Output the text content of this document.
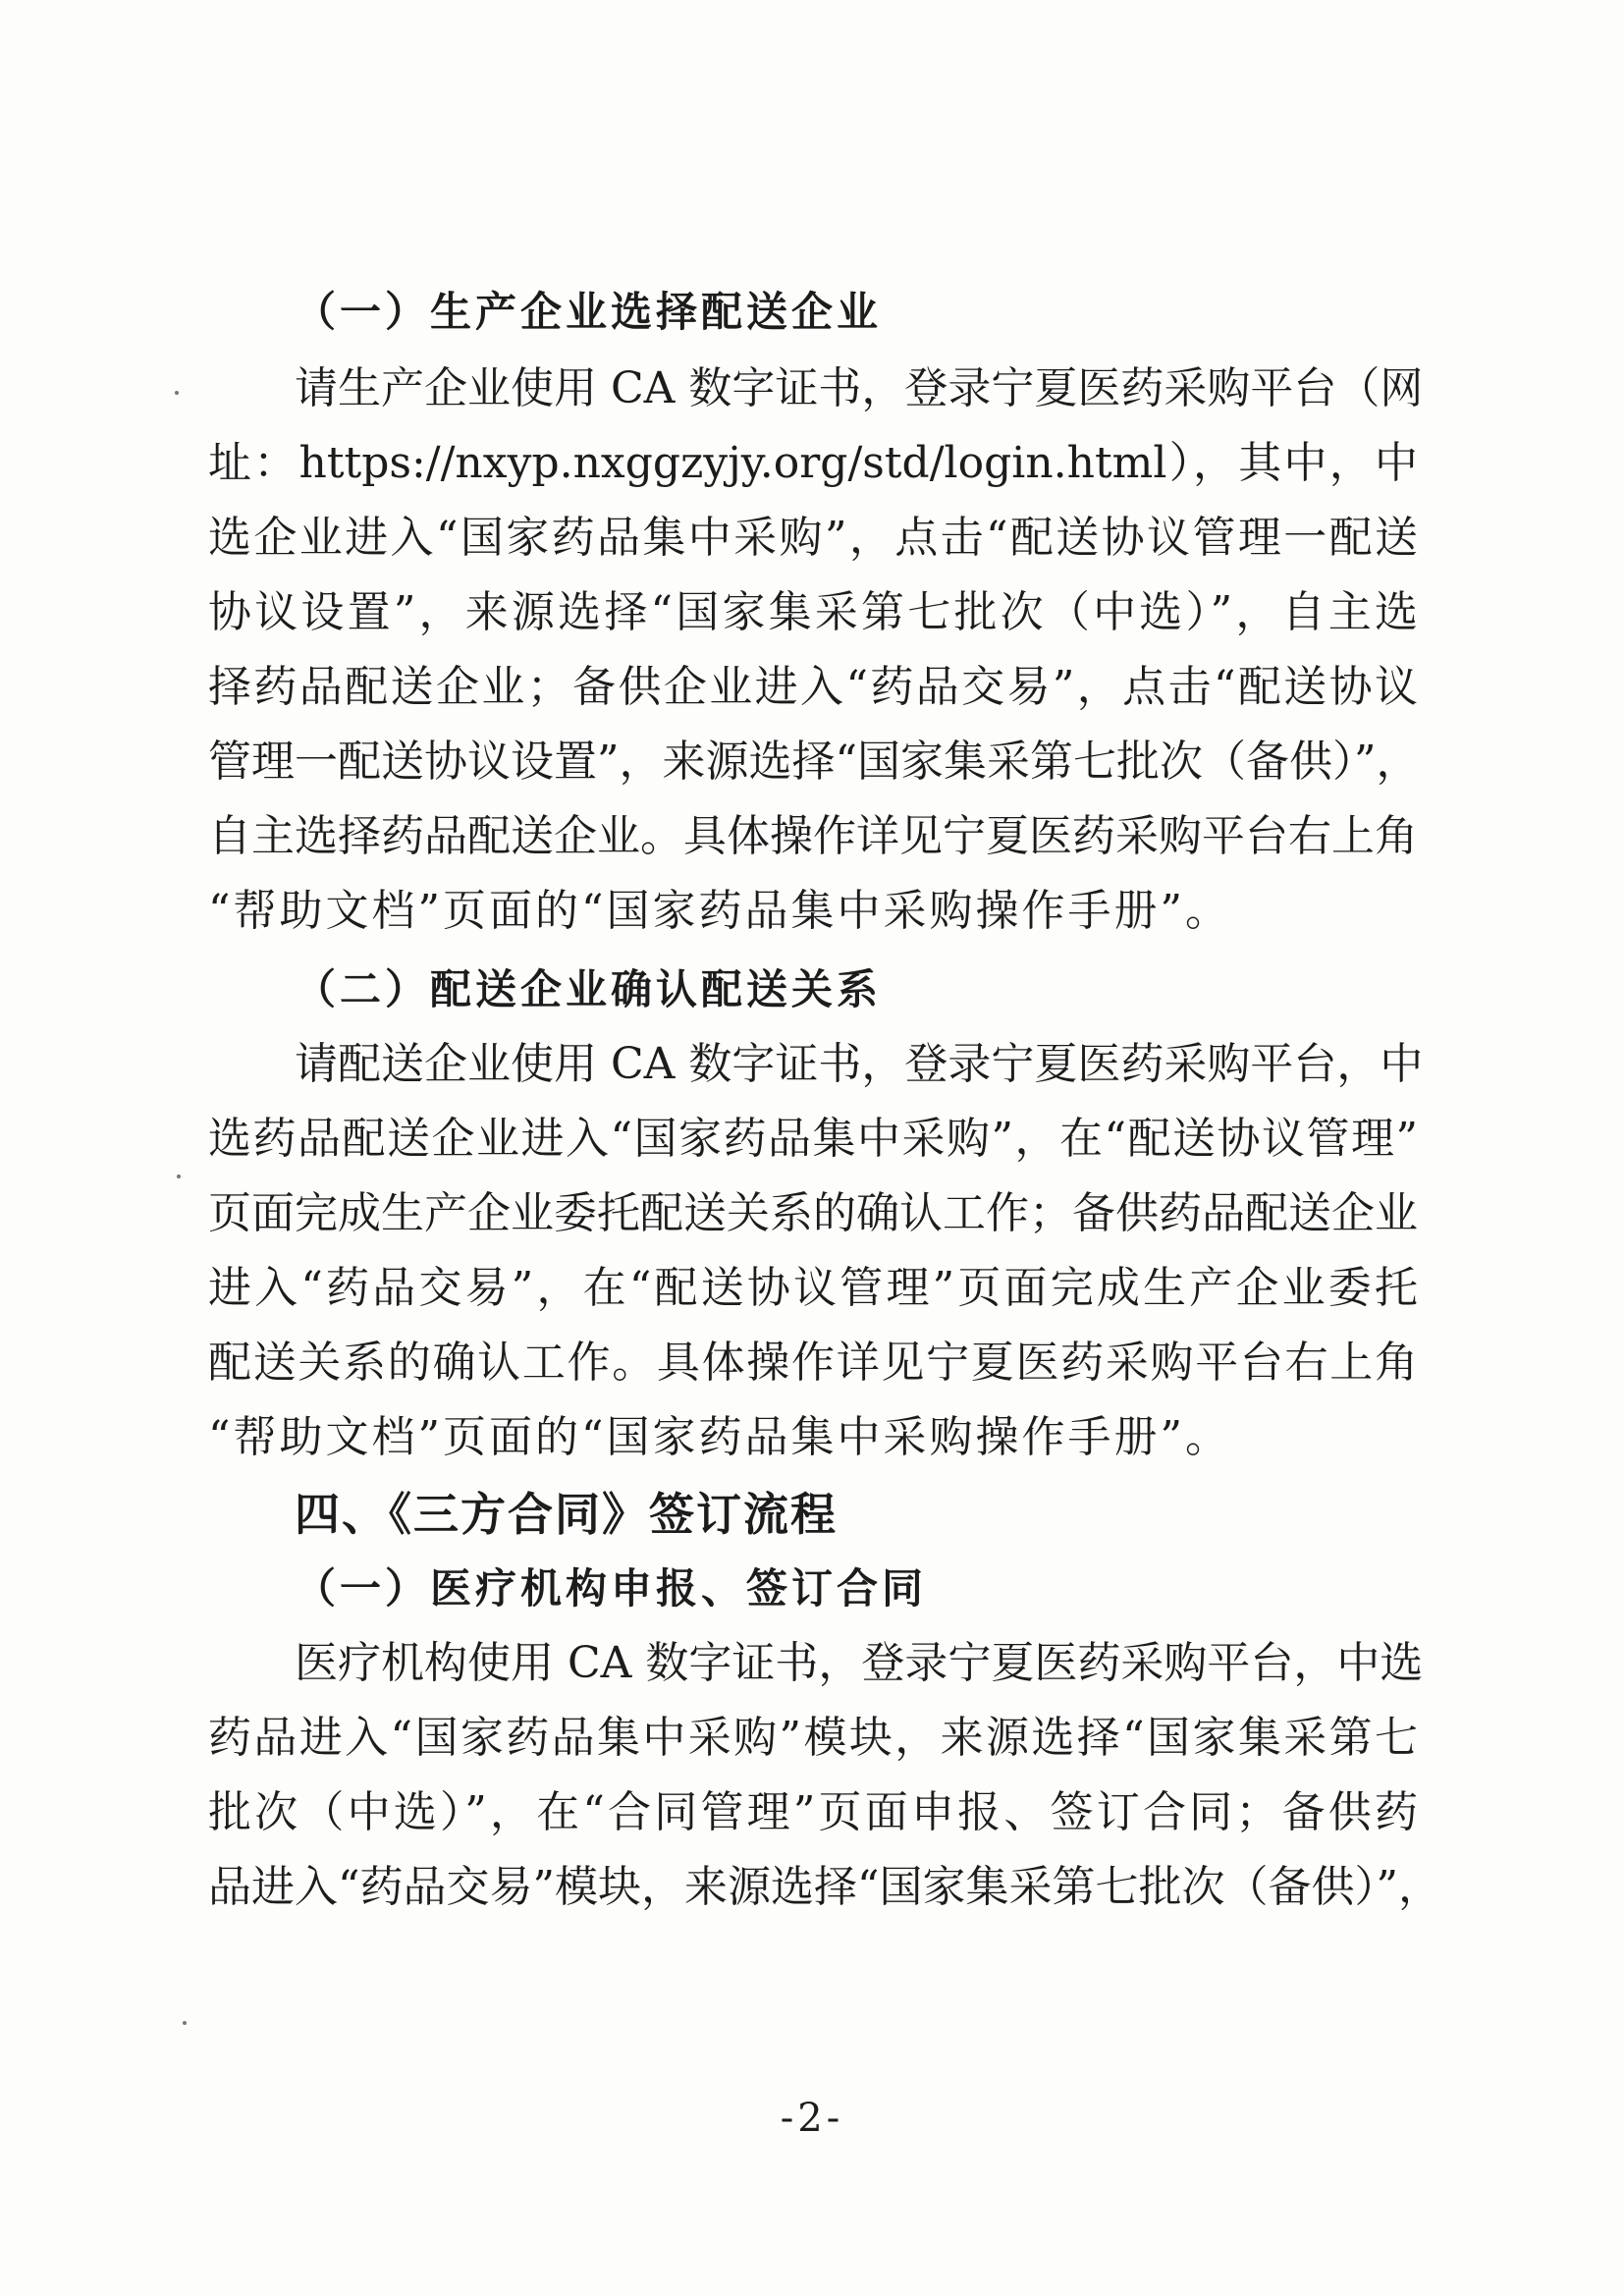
（一）生产企业选择配送企业
请生产企业使用 CA 数字证书，登录宁夏医药采购平台（网
址：https://nxyp.nxggzyjy.org/std/login.html），其中，中
选企业进入“国家药品集中采购”，点击“配送协议管理一配送
协议设置”，来源选择“国家集采第七批次（中选）”，自主选
择药品配送企业；备供企业进入“药品交易”，点击“配送协议
管理一配送协议设置”，来源选择“国家集采第七批次（备供）”，
自主选择药品配送企业。具体操作详见宁夏医药采购平台右上角
“帮助文档”页面的“国家药品集中采购操作手册”。
（二）配送企业确认配送关系
请配送企业使用 CA 数字证书，登录宁夏医药采购平台，中
选药品配送企业进入“国家药品集中采购”，在“配送协议管理”
页面完成生产企业委托配送关系的确认工作；备供药品配送企业
进入“药品交易”，在“配送协议管理”页面完成生产企业委托
配送关系的确认工作。具体操作详见宁夏医药采购平台右上角
“帮助文档”页面的“国家药品集中采购操作手册”。
四、《三方合同》签订流程
（一）医疗机构申报、签订合同
医疗机构使用 CA 数字证书，登录宁夏医药采购平台，中选
药品进入“国家药品集中采购”模块，来源选择“国家集采第七
批次（中选）”，在“合同管理”页面申报、签订合同；备供药
品进入“药品交易”模块，来源选择“国家集采第七批次（备供）”，
-2-
